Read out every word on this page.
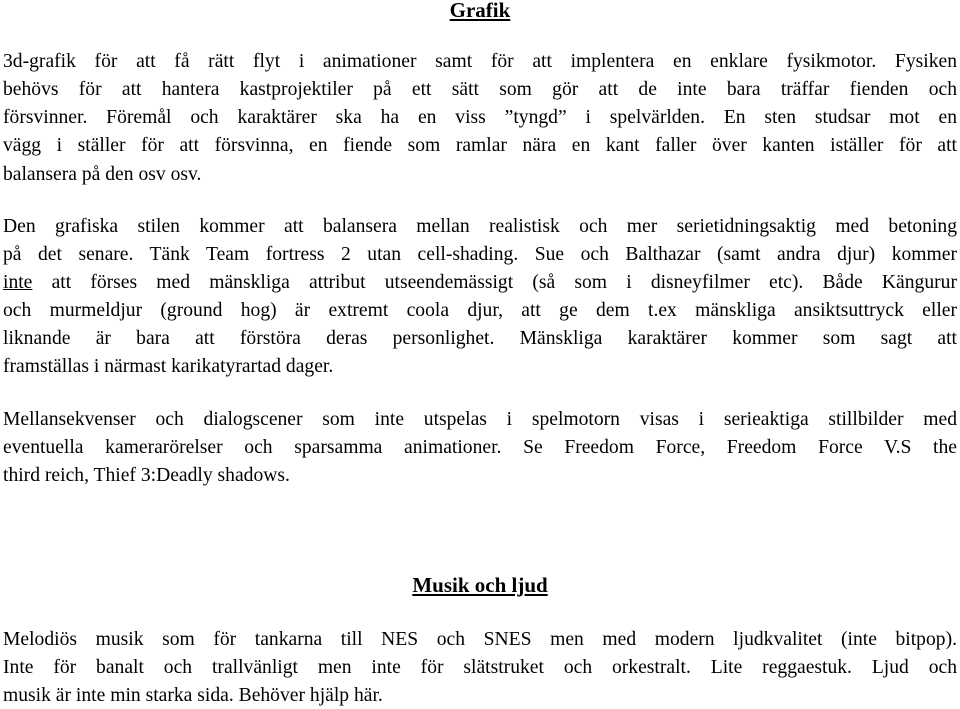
Grafik

3d-grafik för att få rätt flyt i animationer samt för att implentera en enklare fysikmotor. Fysiken

behövs för att hantera kastprojektiler på ett sätt som gör att de inte bara träffar fienden och

försvinner. Föremål och karaktärer ska ha en viss ”tyngd” i spelvärlden. En sten studsar mot en

vägg i ställer för att försvinna, en fiende som ramlar nära en kant faller över kanten iställer för att

balansera på den osv osv.

Den grafiska stilen kommer att balansera mellan realistisk och mer serietidningsaktig med betoning

på det senare. Tänk Team fortress 2 utan cell-shading. Sue och Balthazar (samt andra djur) kommer

inte att förses med mänskliga attribut utseendemässigt (så som i disneyfilmer etc). Både Kängurur

och murmeldjur (ground hog) är extremt coola djur, att ge dem t.ex mänskliga ansiktsuttryck eller

liknande är bara att förstöra deras personlighet. Mänskliga karaktärer kommer som sagt att

framställas i närmast karikatyrartad dager.

Mellansekvenser och dialogscener som inte utspelas i spelmotorn visas i serieaktiga stillbilder med

eventuella kamerarörelser och sparsamma animationer. Se Freedom Force, Freedom Force V.S the

third reich, Thief 3:Deadly shadows.

Musik och ljud

Melodiös musik som för tankarna till NES och SNES men med modern ljudkvalitet (inte bitpop).

Inte för banalt och trallvänligt men inte för slätstruket och orkestralt. Lite reggaestuk. Ljud och

musik är inte min starka sida. Behöver hjälp här.
